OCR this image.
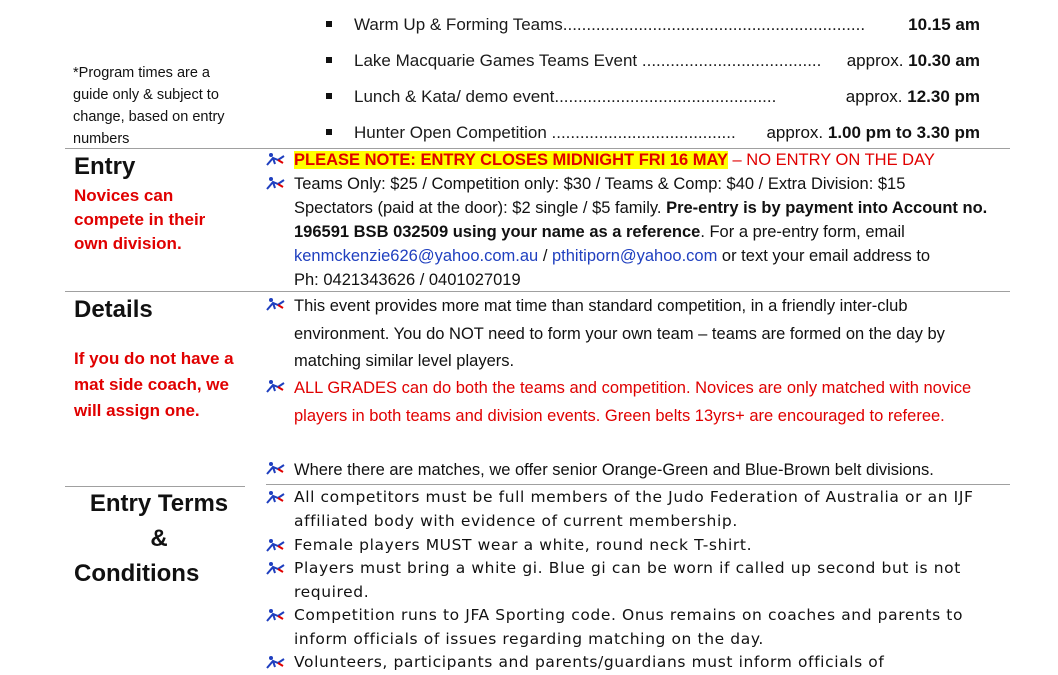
Warm Up & Forming Teams................................................................	10.15 am
Lake Macquarie Games Teams Event ...................................... approx. 10.30 am
Lunch & Kata/ demo event...............................................	approx. 12.30 pm
Hunter Open Competition ....................................... approx. 1.00 pm to 3.30 pm
*Program times are a guide only & subject to change, based on entry numbers
Entry
Novices can compete in their own division.
PLEASE NOTE: ENTRY CLOSES MIDNIGHT FRI 16 MAY – NO ENTRY ON THE DAY
Teams Only: $25 / Competition only: $30 / Teams & Comp: $40 / Extra Division: $15
Spectators (paid at the door): $2 single / $5 family. Pre-entry is by payment into Account no. 196591 BSB 032509 using your name as a reference. For a pre-entry form, email
kenmckenzie626@yahoo.com.au / pthitiporn@yahoo.com or text your email address to
Ph: 0421343626 / 0401027019
Details
If you do not have a mat side coach, we will assign one.
This event provides more mat time than standard competition, in a friendly inter-club environment. You do NOT need to form your own team – teams are formed on the day by matching similar level players.
ALL GRADES can do both the teams and competition. Novices are only matched with novice players in both teams and division events. Green belts 13yrs+ are encouraged to referee.
Where there are matches, we offer senior Orange-Green and Blue-Brown belt divisions.
Entry Terms
&
Conditions
All competitors must be full members of the Judo Federation of Australia or an IJF affiliated body with evidence of current membership.
Female players MUST wear a white, round neck T-shirt.
Players must bring a white gi. Blue gi can be worn if called up second but is not required.
Competition runs to JFA Sporting code. Onus remains on coaches and parents to inform officials of issues regarding matching on the day.
Volunteers, participants and parents/guardians must inform officials of
